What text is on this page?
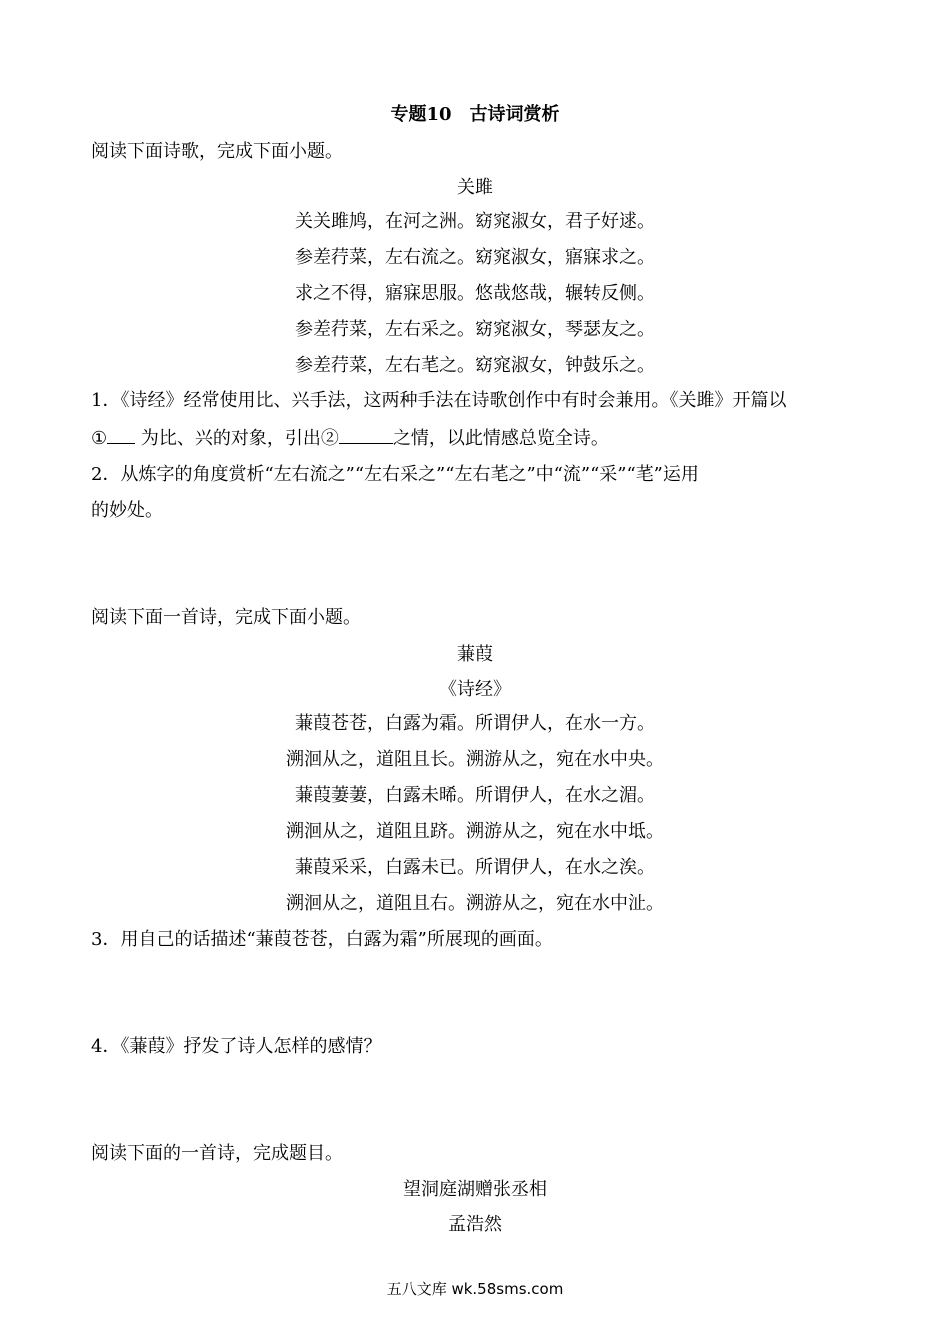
专题10　古诗词赏析
阅读下面诗歌，完成下面小题。
关雎
关关雎鸠，在河之洲。窈窕淑女，君子好逑。
参差荇菜，左右流之。窈窕淑女，寤寐求之。
求之不得，寤寐思服。悠哉悠哉，辗转反侧。
参差荇菜，左右采之。窈窕淑女，琴瑟友之。
参差荇菜，左右芼之。窈窕淑女，钟鼓乐之。
1．《诗经》经常使用比、兴手法，这两种手法在诗歌创作中有时会兼用。《关雎》开篇以
① 为比、兴的对象，引出②	之情，以此情感总览全诗。
2．从炼字的角度赏析“左右流之”“左右采之”“左右芼之”中“流”“采”“芼”运用
的妙处。
阅读下面一首诗，完成下面小题。
蒹葭
《诗经》
蒹葭苍苍，白露为霜。所谓伊人，在水一方。
溯洄从之，道阻且长。溯游从之，宛在水中央。
蒹葭萋萋，白露未晞。所谓伊人，在水之湄。
溯洄从之，道阻且跻。溯游从之，宛在水中坻。
蒹葭采采，白露未已。所谓伊人，在水之涘。
溯洄从之，道阻且右。溯游从之，宛在水中沚。
3．用自己的话描述“蒹葭苍苍，白露为霜”所展现的画面。
4．《蒹葭》抒发了诗人怎样的感情？
阅读下面的一首诗，完成题目。
望洞庭湖赠张丞相
孟浩然
五八文库 wk.58sms.com
